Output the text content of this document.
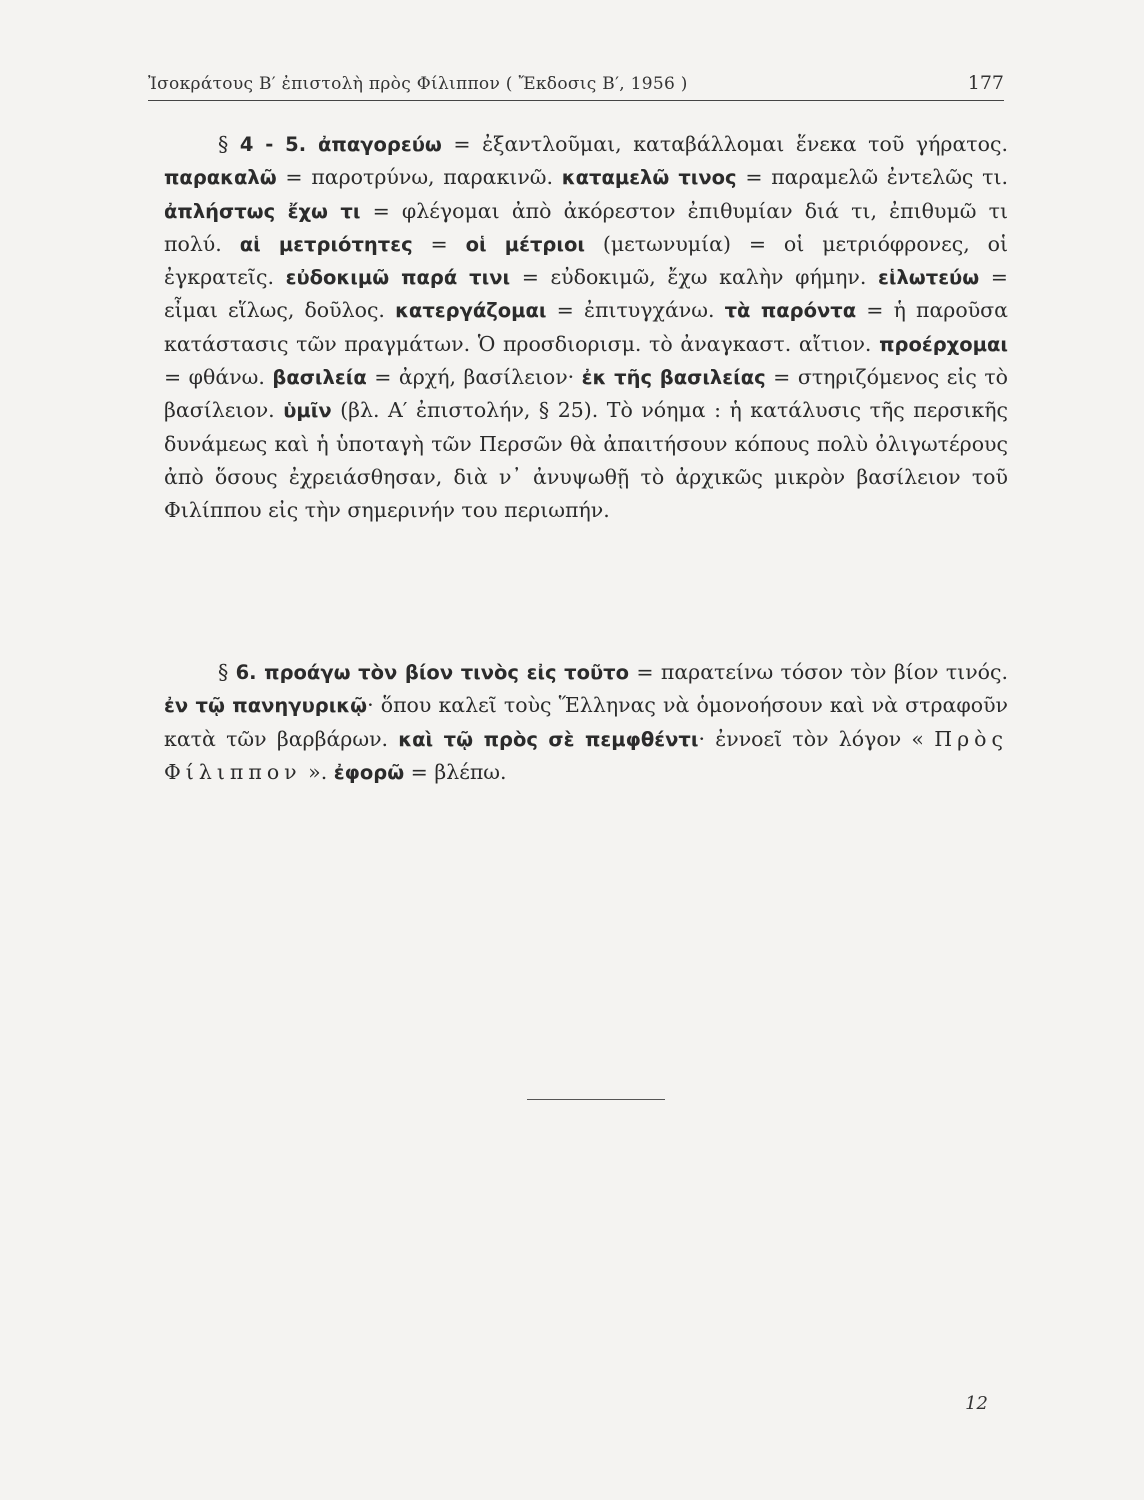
Ἰσοκράτους Β′ ἐπιστολὴ πρὸς Φίλιππον ( Ἔκδοσις Β′, 1956 )	177

§ 4 - 5. ἀπαγορεύω = ἐξαντλοῦμαι, καταβάλλομαι ἕνεκα τοῦ γήρατος. παρακαλῶ = παροτρύνω, παρακινῶ. καταμελῶ τινος = παραμελῶ ἐντελῶς τι. ἀπλήστως ἔχω τι = φλέγομαι ἀπὸ ἀκόρεστον ἐπιθυμίαν διά τι, ἐπιθυμῶ τι πολύ. αἱ μετριότητες = οἱ μέτριοι (μετωνυμία) = οἱ μετριόφρονες, οἱ ἐγκρατεῖς. εὐδοκιμῶ παρά τινι = εὐδοκιμῶ, ἔχω καλὴν φήμην. εἱλωτεύω = εἶμαι εἵλως, δοῦλος. κατεργάζομαι = ἐπιτυγχάνω. τὰ παρόντα = ἡ παροῦσα κατάστασις τῶν πραγμάτων. Ὁ προσδιορισμ. τὸ ἀναγκαστ. αἴτιον. προέρχομαι = φθάνω. βασιλεία = ἀρχή, βασίλειον· ἐκ τῆς βασιλείας = στηριζόμενος εἰς τὸ βασίλειον. ὑμῖν (βλ. Α′ ἐπιστολήν, § 25). Τὸ νόημα : ἡ κατάλυσις τῆς περσικῆς δυνάμεως καὶ ἡ ὑποταγὴ τῶν Περσῶν θὰ ἀπαιτήσουν κόπους πολὺ ὀλιγωτέρους ἀπὸ ὅσους ἐχρειάσθησαν, διὰ ν᾽ ἀνυψωθῇ τὸ ἀρχικῶς μικρὸν βασίλειον τοῦ Φιλίππου εἰς τὴν σημερινήν του περιωπήν.

§ 6. προάγω τὸν βίον τινὸς εἰς τοῦτο = παρατείνω τόσον τὸν βίον τινός. ἐν τῷ πανηγυρικῷ· ὅπου καλεῖ τοὺς Ἕλληνας νὰ ὁμονοήσουν καὶ νὰ στραφοῦν κατὰ τῶν βαρβάρων. καὶ τῷ πρὸς σὲ πεμφθέντι· ἐννοεῖ τὸν λόγον « Πρὸς Φίλιππον ». ἐφορῶ = βλέπω.

12
